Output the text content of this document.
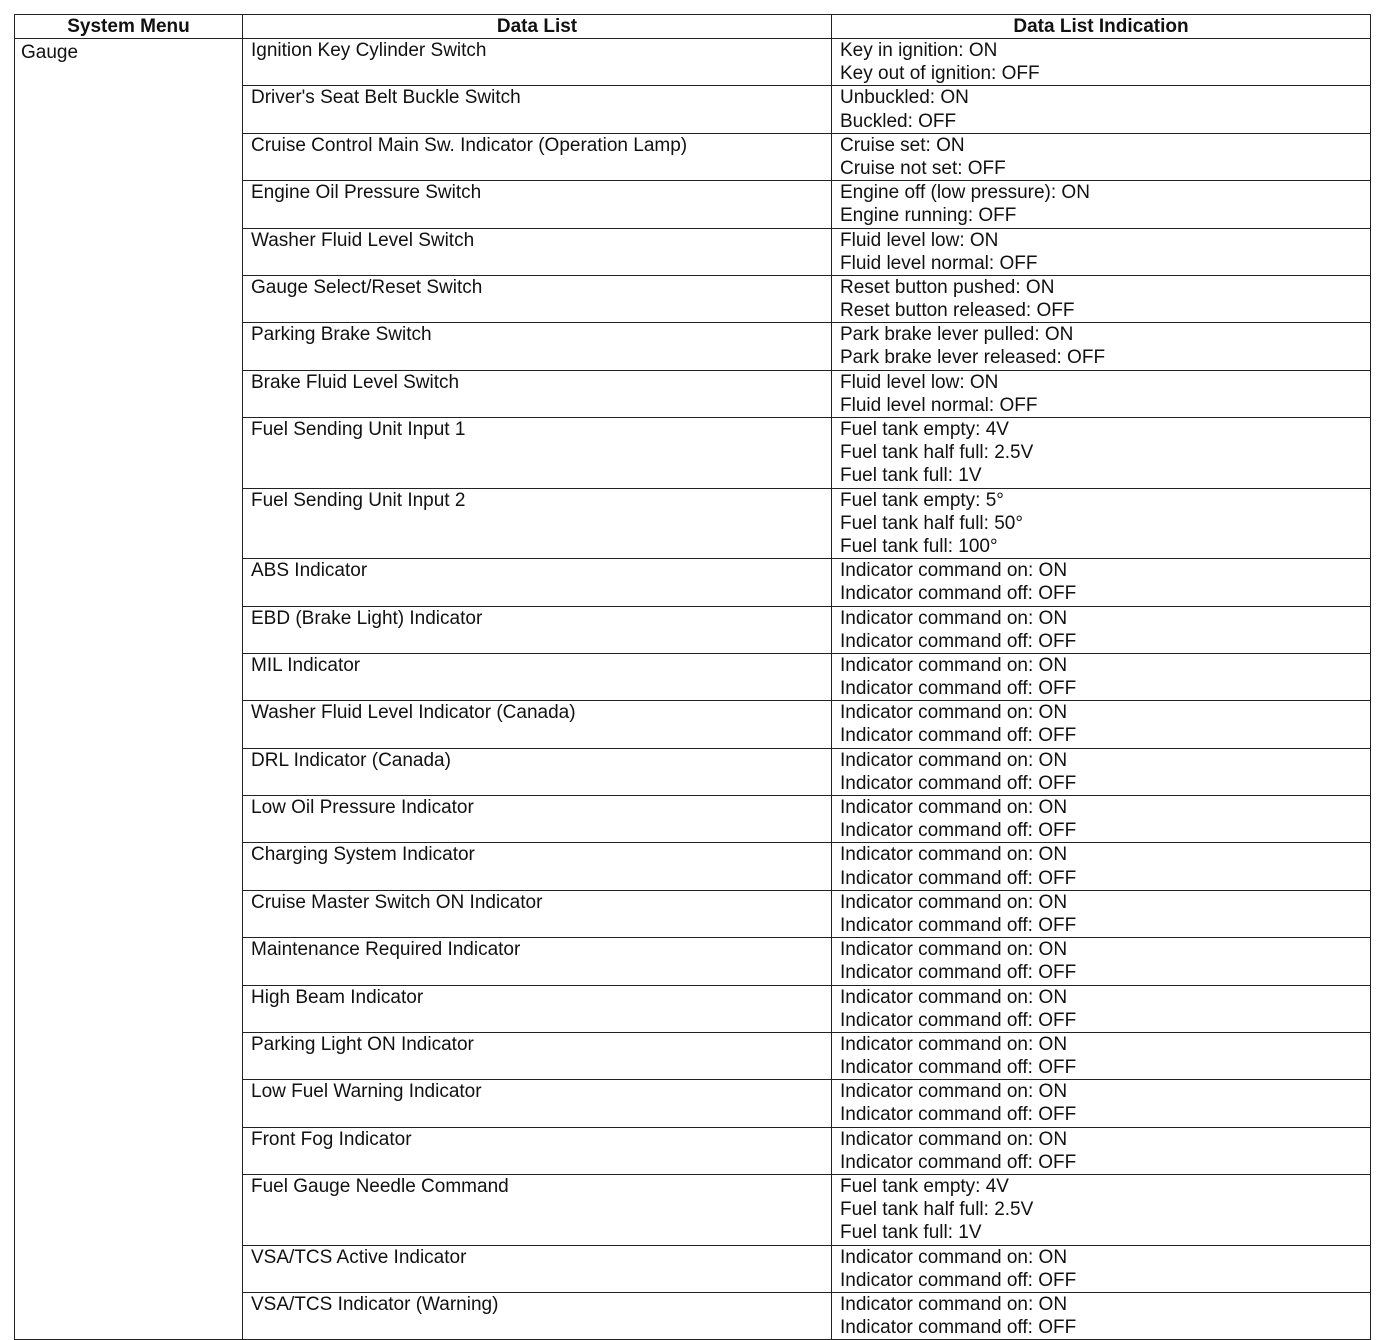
System Menu	Data List	Data List Indication
Gauge	Ignition Key Cylinder Switch	Key in ignition: ON
Key out of ignition: OFF

	Driver's Seat Belt Buckle Switch	Unbuckled: ON
Buckled: OFF

	Cruise Control Main Sw. Indicator (Operation Lamp)	Cruise set: ON
Cruise not set: OFF

	Engine Oil Pressure Switch	Engine off (low pressure): ON
Engine running: OFF

	Washer Fluid Level Switch	Fluid level low: ON
Fluid level normal: OFF

	Gauge Select/Reset Switch	Reset button pushed: ON
Reset button released: OFF

	Parking Brake Switch	Park brake lever pulled: ON
Park brake lever released: OFF

	Brake Fluid Level Switch	Fluid level low: ON
Fluid level normal: OFF

	Fuel Sending Unit Input 1	Fuel tank empty: 4V
Fuel tank half full: 2.5V
Fuel tank full: 1V

	Fuel Sending Unit Input 2	Fuel tank empty: 5°
Fuel tank half full: 50°
Fuel tank full: 100°

	ABS Indicator	Indicator command on: ON
Indicator command off: OFF

	EBD (Brake Light) Indicator	Indicator command on: ON
Indicator command off: OFF

	MIL Indicator	Indicator command on: ON
Indicator command off: OFF

	Washer Fluid Level Indicator (Canada)	Indicator command on: ON
Indicator command off: OFF

	DRL Indicator (Canada)	Indicator command on: ON
Indicator command off: OFF

	Low Oil Pressure Indicator	Indicator command on: ON
Indicator command off: OFF

	Charging System Indicator	Indicator command on: ON
Indicator command off: OFF

	Cruise Master Switch ON Indicator	Indicator command on: ON
Indicator command off: OFF

	Maintenance Required Indicator	Indicator command on: ON
Indicator command off: OFF

	High Beam Indicator	Indicator command on: ON
Indicator command off: OFF

	Parking Light ON Indicator	Indicator command on: ON
Indicator command off: OFF

	Low Fuel Warning Indicator	Indicator command on: ON
Indicator command off: OFF

	Front Fog Indicator	Indicator command on: ON
Indicator command off: OFF

	Fuel Gauge Needle Command	Fuel tank empty: 4V
Fuel tank half full: 2.5V
Fuel tank full: 1V

	VSA/TCS Active Indicator	Indicator command on: ON
Indicator command off: OFF

	VSA/TCS Indicator (Warning)	Indicator command on: ON
Indicator command off: OFF
